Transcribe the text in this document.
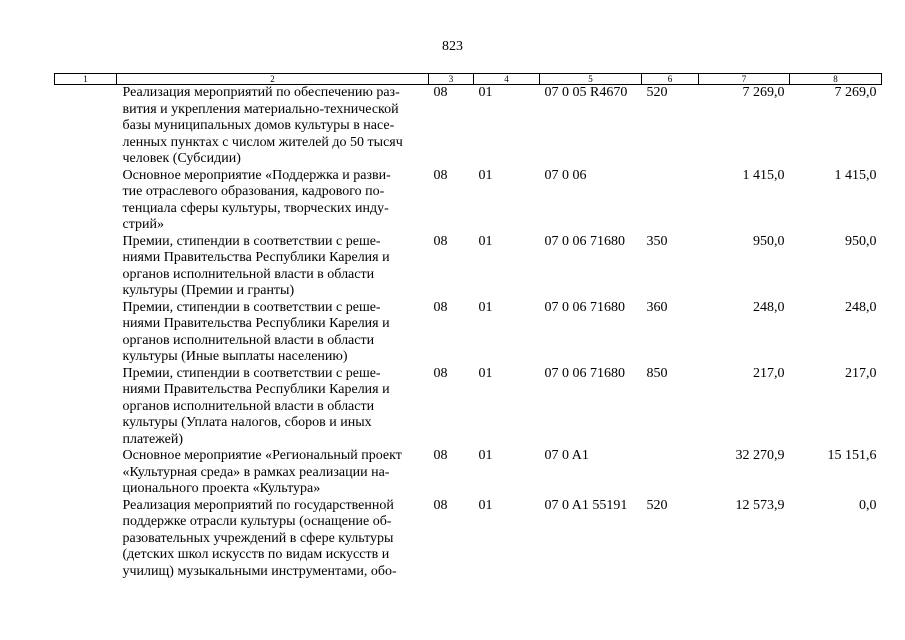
823
1	2	3	4	5	6	7	8

	Реализация мероприятий по обеспечению раз-
вития и укрепления материально-технической
базы муниципальных домов культуры в насе-
ленных пунктах с числом жителей до 50 тысяч
человек (Субсидии)	08	01	07 0 05 R4670	520	7 269,0	7 269,0

	Основное мероприятие «Поддержка и разви-
тие отраслевого образования, кадрового по-
тенциала сферы культуры, творческих инду-
стрий»	08	01	07 0 06		1 415,0	1 415,0

	Премии, стипендии в соответствии с реше-
ниями Правительства Республики Карелия и
органов исполнительной власти в области
культуры (Премии и гранты)	08	01	07 0 06 71680	350	950,0	950,0

	Премии, стипендии в соответствии с реше-
ниями Правительства Республики Карелия и
органов исполнительной власти в области
культуры (Иные выплаты населению)	08	01	07 0 06 71680	360	248,0	248,0

	Премии, стипендии в соответствии с реше-
ниями Правительства Республики Карелия и
органов исполнительной власти в области
культуры (Уплата налогов, сборов и иных
платежей)	08	01	07 0 06 71680	850	217,0	217,0

	Основное мероприятие «Региональный проект
«Культурная среда» в рамках реализации на-
ционального проекта «Культура»	08	01	07 0 A1		32 270,9	15 151,6

	Реализация мероприятий по государственной
поддержке отрасли культуры (оснащение об-
разовательных учреждений в сфере культуры
(детских школ искусств по видам искусств и
училищ) музыкальными инструментами, обо-	08	01	07 0 A1 55191	520	12 573,9	0,0
